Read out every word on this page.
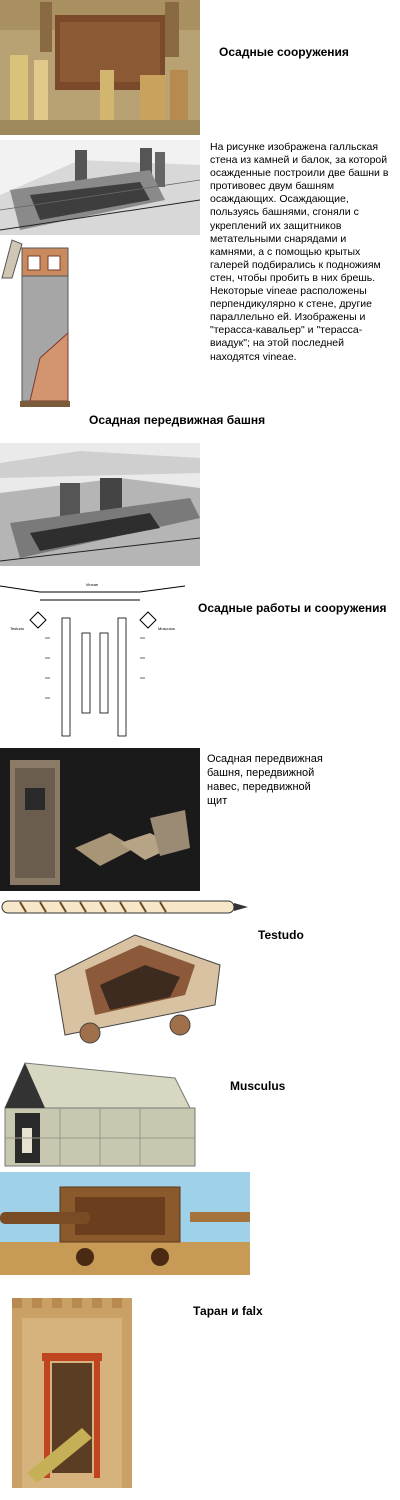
Осадные сооружения
На рисунке изображена галльская стена из камней и балок, за которой осажденные построили две башни в противовес двум башням осаждающих. Осаждающие, пользуясь башнями, сгоняли с укреплений их защитников метательными снарядами и камнями, а с помощью крытых галерей подбирались к подножиям стен, чтобы пробить в них брешь. Некоторые vineae расположены перпендикулярно к стене, другие параллельно ей. Изображены и "терасса-кавальер" и "терасса-виадук"; на этой последней находятся vineae.
Осадная передвижная башня
Vineae
Testudo	Musculus
Осадные работы и сооружения
Осадная передвижная башня, передвижной навес, передвижной щит
Testudo
Musculus
Таран и falx
